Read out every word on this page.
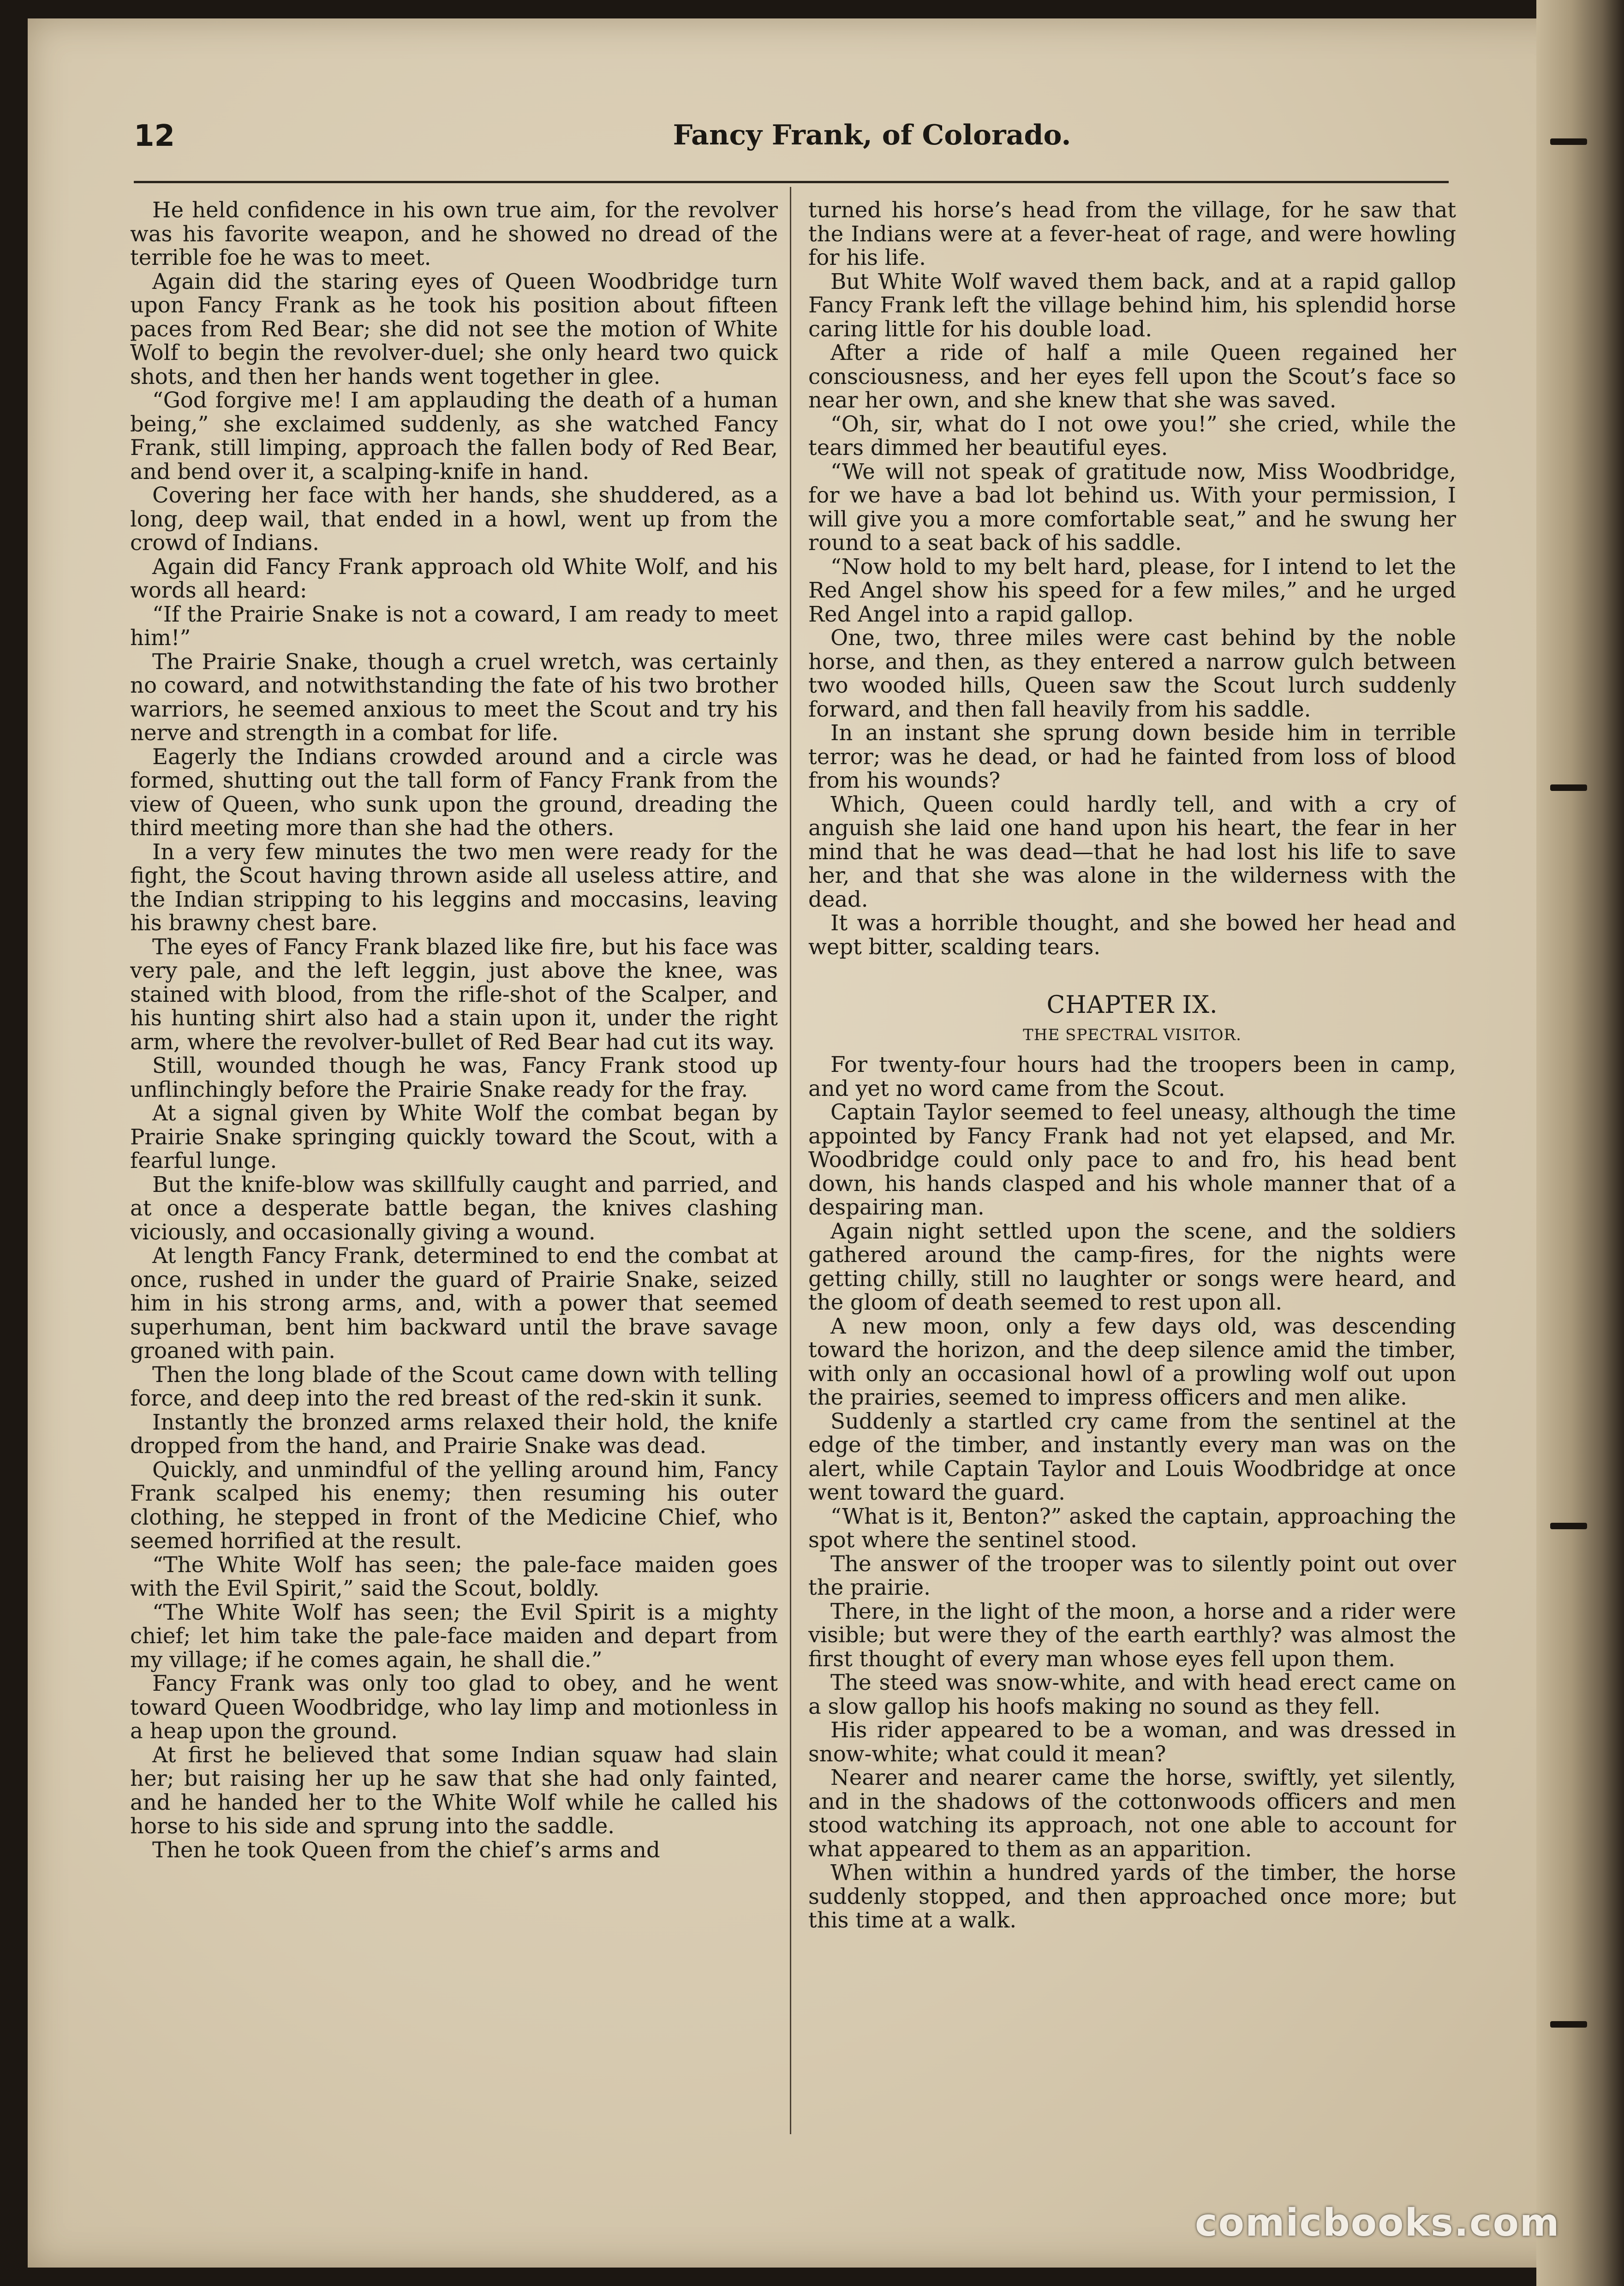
12	Fancy Frank, of Colorado.

He held confidence in his own true aim, for the revolver was his favorite weapon, and he showed no dread of the terrible foe he was to meet.

Again did the staring eyes of Queen Woodbridge turn upon Fancy Frank as he took his position about fifteen paces from Red Bear; she did not see the motion of White Wolf to begin the revolver-duel; she only heard two quick shots, and then her hands went together in glee.

“God forgive me! I am applauding the death of a human being,” she exclaimed suddenly, as she watched Fancy Frank, still limping, approach the fallen body of Red Bear, and bend over it, a scalping-knife in hand.

Covering her face with her hands, she shuddered, as a long, deep wail, that ended in a howl, went up from the crowd of Indians.

Again did Fancy Frank approach old White Wolf, and his words all heard:

“If the Prairie Snake is not a coward, I am ready to meet him!”

The Prairie Snake, though a cruel wretch, was certainly no coward, and notwithstanding the fate of his two brother warriors, he seemed anxious to meet the Scout and try his nerve and strength in a combat for life.

Eagerly the Indians crowded around and a circle was formed, shutting out the tall form of Fancy Frank from the view of Queen, who sunk upon the ground, dreading the third meeting more than she had the others.

In a very few minutes the two men were ready for the fight, the Scout having thrown aside all useless attire, and the Indian stripping to his leggins and moccasins, leaving his brawny chest bare.

The eyes of Fancy Frank blazed like fire, but his face was very pale, and the left leggin, just above the knee, was stained with blood, from the rifle-shot of the Scalper, and his hunting shirt also had a stain upon it, under the right arm, where the revolver-bullet of Red Bear had cut its way.

Still, wounded though he was, Fancy Frank stood up unflinchingly before the Prairie Snake ready for the fray.

At a signal given by White Wolf the combat began by Prairie Snake springing quickly toward the Scout, with a fearful lunge.

But the knife-blow was skillfully caught and parried, and at once a desperate battle began, the knives clashing viciously, and occasionally giving a wound.

At length Fancy Frank, determined to end the combat at once, rushed in under the guard of Prairie Snake, seized him in his strong arms, and, with a power that seemed superhuman, bent him backward until the brave savage groaned with pain.

Then the long blade of the Scout came down with telling force, and deep into the red breast of the red-skin it sunk.

Instantly the bronzed arms relaxed their hold, the knife dropped from the hand, and Prairie Snake was dead.

Quickly, and unmindful of the yelling around him, Fancy Frank scalped his enemy; then resuming his outer clothing, he stepped in front of the Medicine Chief, who seemed horrified at the result.

“The White Wolf has seen; the pale-face maiden goes with the Evil Spirit,” said the Scout, boldly.

“The White Wolf has seen; the Evil Spirit is a mighty chief; let him take the pale-face maiden and depart from my village; if he comes again, he shall die.”

Fancy Frank was only too glad to obey, and he went toward Queen Woodbridge, who lay limp and motionless in a heap upon the ground.

At first he believed that some Indian squaw had slain her; but raising her up he saw that she had only fainted, and he handed her to the White Wolf while he called his horse to his side and sprung into the saddle.

Then he took Queen from the chief’s arms and

turned his horse’s head from the village, for he saw that the Indians were at a fever-heat of rage, and were howling for his life.

But White Wolf waved them back, and at a rapid gallop Fancy Frank left the village behind him, his splendid horse caring little for his double load.

After a ride of half a mile Queen regained her consciousness, and her eyes fell upon the Scout’s face so near her own, and she knew that she was saved.

“Oh, sir, what do I not owe you!” she cried, while the tears dimmed her beautiful eyes.

“We will not speak of gratitude now, Miss Woodbridge, for we have a bad lot behind us. With your permission, I will give you a more comfortable seat,” and he swung her round to a seat back of his saddle.

“Now hold to my belt hard, please, for I intend to let the Red Angel show his speed for a few miles,” and he urged Red Angel into a rapid gallop.

One, two, three miles were cast behind by the noble horse, and then, as they entered a narrow gulch between two wooded hills, Queen saw the Scout lurch suddenly forward, and then fall heavily from his saddle.

In an instant she sprung down beside him in terrible terror; was he dead, or had he fainted from loss of blood from his wounds?

Which, Queen could hardly tell, and with a cry of anguish she laid one hand upon his heart, the fear in her mind that he was dead—that he had lost his life to save her, and that she was alone in the wilderness with the dead.

It was a horrible thought, and she bowed her head and wept bitter, scalding tears.

CHAPTER IX.
THE SPECTRAL VISITOR.

For twenty-four hours had the troopers been in camp, and yet no word came from the Scout.

Captain Taylor seemed to feel uneasy, although the time appointed by Fancy Frank had not yet elapsed, and Mr. Woodbridge could only pace to and fro, his head bent down, his hands clasped and his whole manner that of a despairing man.

Again night settled upon the scene, and the soldiers gathered around the camp-fires, for the nights were getting chilly, still no laughter or songs were heard, and the gloom of death seemed to rest upon all.

A new moon, only a few days old, was descending toward the horizon, and the deep silence amid the timber, with only an occasional howl of a prowling wolf out upon the prairies, seemed to impress officers and men alike.

Suddenly a startled cry came from the sentinel at the edge of the timber, and instantly every man was on the alert, while Captain Taylor and Louis Woodbridge at once went toward the guard.

“What is it, Benton?” asked the captain, approaching the spot where the sentinel stood.

The answer of the trooper was to silently point out over the prairie.

There, in the light of the moon, a horse and a rider were visible; but were they of the earth earthly? was almost the first thought of every man whose eyes fell upon them.

The steed was snow-white, and with head erect came on a slow gallop his hoofs making no sound as they fell.

His rider appeared to be a woman, and was dressed in snow-white; what could it mean?

Nearer and nearer came the horse, swiftly, yet silently, and in the shadows of the cottonwoods officers and men stood watching its approach, not one able to account for what appeared to them as an apparition.

When within a hundred yards of the timber, the horse suddenly stopped, and then approached once more; but this time at a walk.

comicbooks.com
